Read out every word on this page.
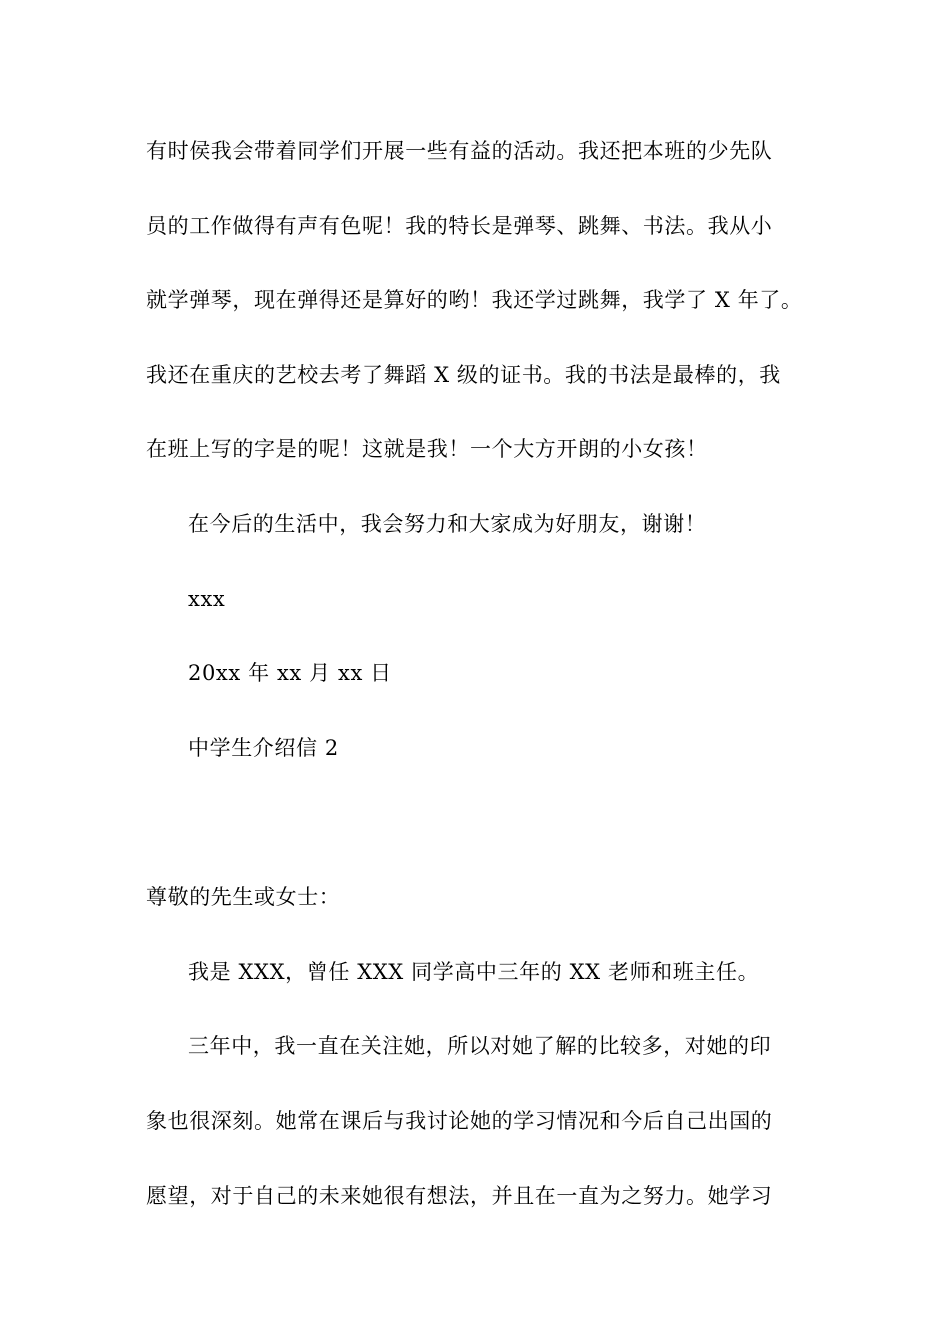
有时侯我会带着同学们开展一些有益的活动。我还把本班的少先队
员的工作做得有声有色呢！我的特长是弹琴、跳舞、书法。我从小
就学弹琴，现在弹得还是算好的哟！我还学过跳舞，我学了 X 年了。
我还在重庆的艺校去考了舞蹈 X 级的证书。我的书法是最棒的，我
在班上写的字是的呢！这就是我！一个大方开朗的小女孩！
在今后的生活中，我会努力和大家成为好朋友，谢谢！
xxx
20xx 年 xx 月 xx 日
中学生介绍信 2
尊敬的先生或女士：
我是 XXX，曾任 XXX 同学高中三年的 XX 老师和班主任。
三年中，我一直在关注她，所以对她了解的比较多，对她的印
象也很深刻。她常在课后与我讨论她的学习情况和今后自己出国的
愿望，对于自己的未来她很有想法，并且在一直为之努力。她学习
